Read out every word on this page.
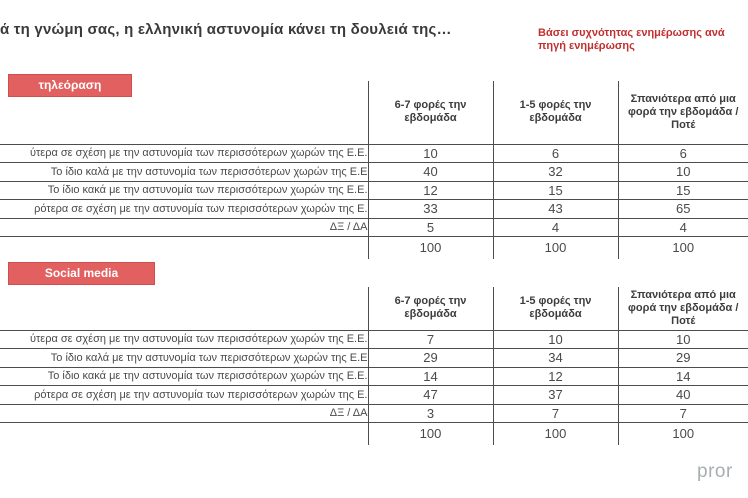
ά τη γνώμη σας, η ελληνική αστυνομία κάνει τη δουλειά της…	Βάσει συχνότητας ενημέρωσης ανά πηγή ενημέρωσης
τηλεόραση
	6-7 φορές την εβδομάδα	1-5 φορές την εβδομάδα	Σπανιότερα από μια φορά την εβδομάδα / Ποτέ
ύτερα σε σχέση με την αστυνομία των περισσότερων χωρών της Ε.Ε.	10	6	6
Το ίδιο καλά με την αστυνομία των περισσότερων χωρών της Ε.Ε	40	32	10
Το ίδιο κακά με την αστυνομία των περισσότερων χωρών της Ε.Ε.	12	15	15
ρότερα σε σχέση με την αστυνομία των περισσότερων χωρών της Ε.	33	43	65
ΔΞ / ΔΑ	5	4	4
	100	100	100
Social media
	6-7 φορές την εβδομάδα	1-5 φορές την εβδομάδα	Σπανιότερα από μια φορά την εβδομάδα / Ποτέ
ύτερα σε σχέση με την αστυνομία των περισσότερων χωρών της Ε.Ε.	7	10	10
Το ίδιο καλά με την αστυνομία των περισσότερων χωρών της Ε.Ε	29	34	29
Το ίδιο κακά με την αστυνομία των περισσότερων χωρών της Ε.Ε.	14	12	14
ρότερα σε σχέση με την αστυνομία των περισσότερων χωρών της Ε.	47	37	40
ΔΞ / ΔΑ	3	7	7
	100	100	100
pror
